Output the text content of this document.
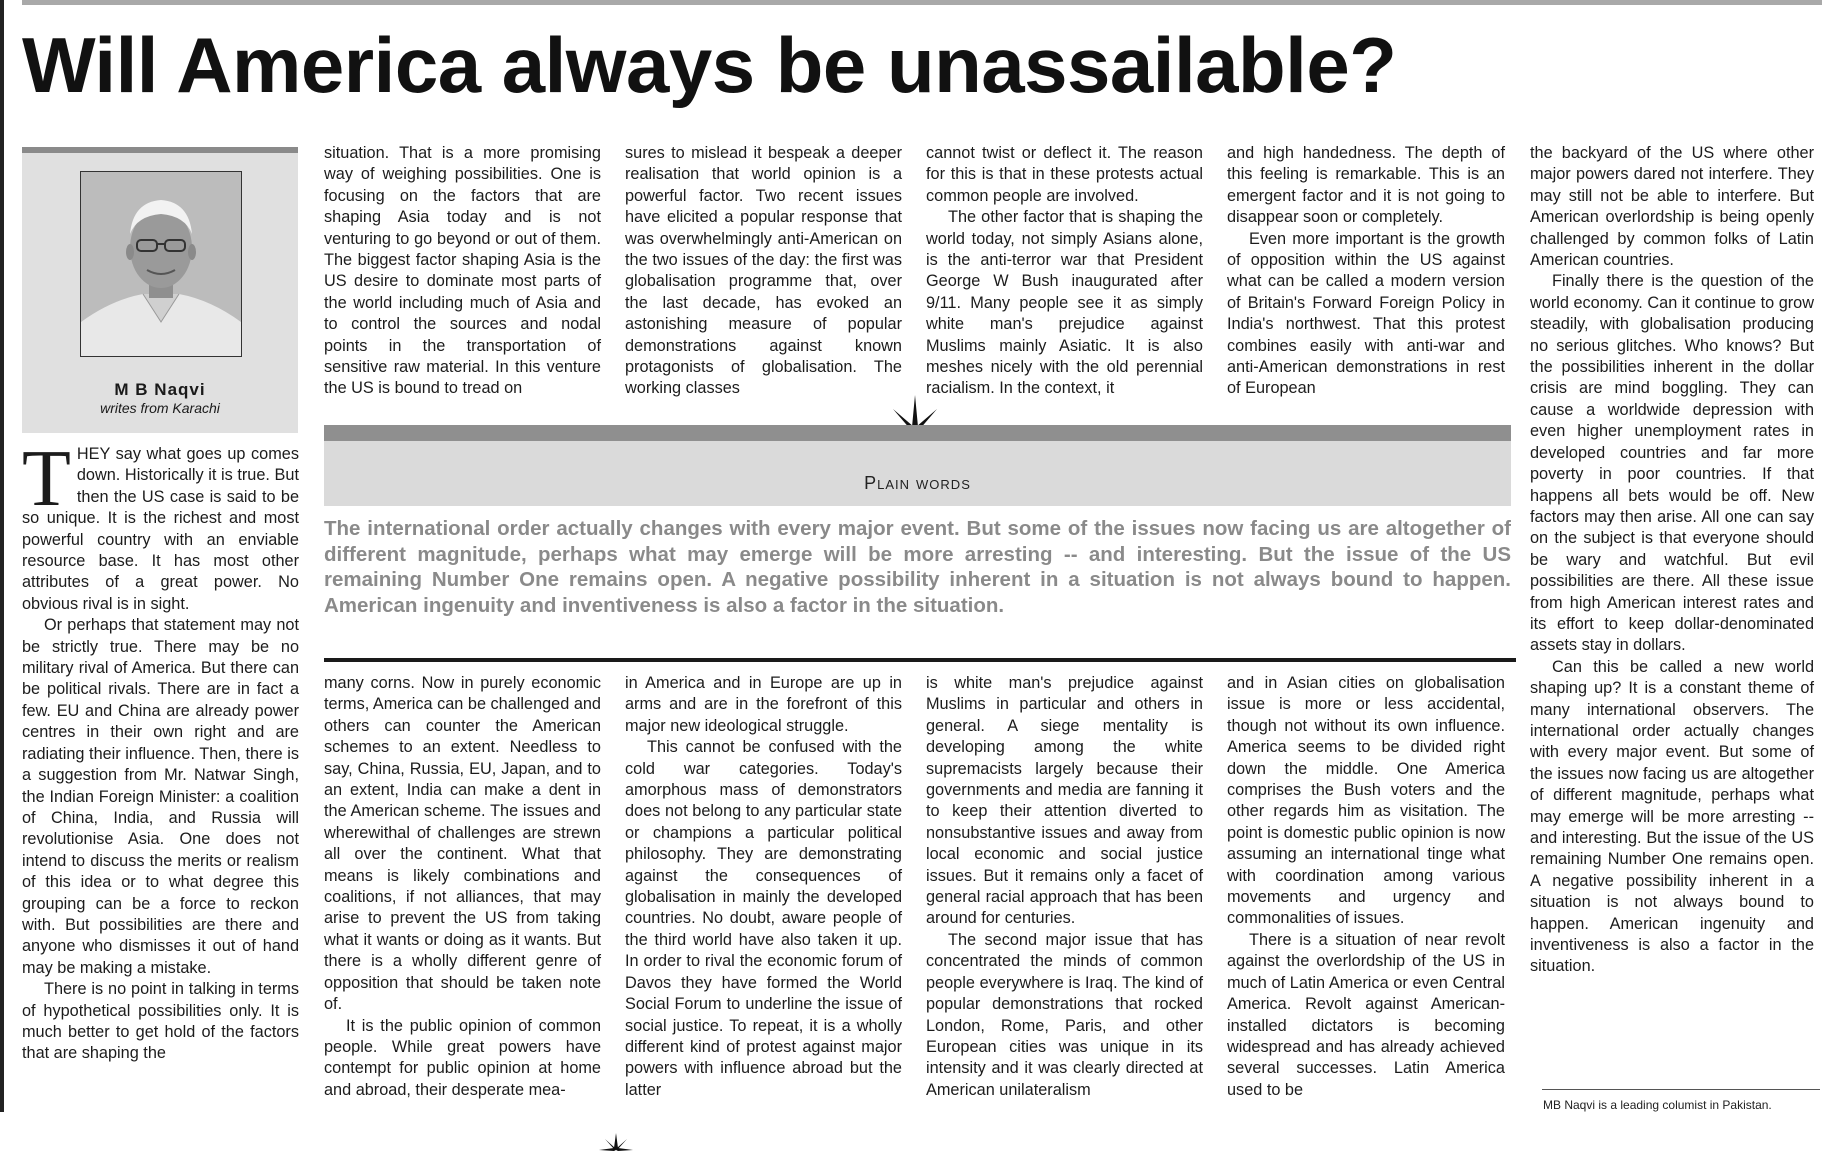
Will America always be unassailable?
M B Naqvi
writes from Karachi

THEY say what goes up comes down. Historically it is true. But then the US case is said to be so unique. It is the richest and most powerful country with an enviable resource base. It has most other attributes of a great power. No obvious rival is in sight.

Or perhaps that statement may not be strictly true. There may be no military rival of America. But there can be political rivals. There are in fact a few. EU and China are already power centres in their own right and are radiating their influence. Then, there is a suggestion from Mr. Natwar Singh, the Indian Foreign Minister: a coalition of China, India, and Russia will revolutionise Asia. One does not intend to discuss the merits or realism of this idea or to what degree this grouping can be a force to reckon with. But possibilities are there and anyone who dismisses it out of hand may be making a mistake.

There is no point in talking in terms of hypothetical possibilities only. It is much better to get hold of the factors that are shaping the

situation. That is a more promising way of weighing possibilities. One is focusing on the factors that are shaping Asia today and is not venturing to go beyond or out of them. The biggest factor shaping Asia is the US desire to dominate most parts of the world including much of Asia and to control the sources and nodal points in the transportation of sensitive raw material. In this venture the US is bound to tread on

sures to mislead it bespeak a deeper realisation that world opinion is a powerful factor. Two recent issues have elicited a popular response that was overwhelmingly anti-American on the two issues of the day: the first was globalisation programme that, over the last decade, has evoked an astonishing measure of popular demonstrations against known protagonists of globalisation. The working classes

cannot twist or deflect it. The reason for this is that in these protests actual common people are involved.

The other factor that is shaping the world today, not simply Asians alone, is the anti-terror war that President George W Bush inaugurated after 9/11. Many people see it as simply white man's prejudice against Muslims mainly Asiatic. It is also meshes nicely with the old perennial racialism. In the context, it

and high handedness. The depth of this feeling is remarkable. This is an emergent factor and it is not going to disappear soon or completely.

Even more important is the growth of opposition within the US against what can be called a modern version of Britain's Forward Foreign Policy in India's northwest. That this protest combines easily with anti-war and anti-American demonstrations in rest of European

Plain words

The international order actually changes with every major event. But some of the issues now facing us are altogether of different magnitude, perhaps what may emerge will be more arresting -- and interesting. But the issue of the US remaining Number One remains open. A negative possibility inherent in a situation is not always bound to happen. American ingenuity and inventiveness is also a factor in the situation.

many corns. Now in purely economic terms, America can be challenged and others can counter the American schemes to an extent. Needless to say, China, Russia, EU, Japan, and to an extent, India can make a dent in the American scheme. The issues and wherewithal of challenges are strewn all over the continent. What that means is likely combinations and coalitions, if not alliances, that may arise to prevent the US from taking what it wants or doing as it wants. But there is a wholly different genre of opposition that should be taken note of.

It is the public opinion of common people. While great powers have contempt for public opinion at home and abroad, their desperate mea-

in America and in Europe are up in arms and are in the forefront of this major new ideological struggle.

This cannot be confused with the cold war categories. Today's amorphous mass of demonstrators does not belong to any particular state or champions a particular political philosophy. They are demonstrating against the consequences of globalisation in mainly the developed countries. No doubt, aware people of the third world have also taken it up. In order to rival the economic forum of Davos they have formed the World Social Forum to underline the issue of social justice. To repeat, it is a wholly different kind of protest against major powers with influence abroad but the latter

is white man's prejudice against Muslims in particular and others in general. A siege mentality is developing among the white supremacists largely because their governments and media are fanning it to keep their attention diverted to nonsubstantive issues and away from local economic and social justice issues. But it remains only a facet of general racial approach that has been around for centuries.

The second major issue that has concentrated the minds of common people everywhere is Iraq. The kind of popular demonstrations that rocked London, Rome, Paris, and other European cities was unique in its intensity and it was clearly directed at American unilateralism

and in Asian cities on globalisation issue is more or less accidental, though not without its own influence. America seems to be divided right down the middle. One America comprises the Bush voters and the other regards him as visitation. The point is domestic public opinion is now assuming an international tinge what with coordination among various movements and urgency and commonalities of issues.

There is a situation of near revolt against the overlordship of the US in much of Latin America or even Central America. Revolt against American-installed dictators is becoming widespread and has already achieved several successes. Latin America used to be

the backyard of the US where other major powers dared not interfere. They may still not be able to interfere. But American overlordship is being openly challenged by common folks of Latin American countries.

Finally there is the question of the world economy. Can it continue to grow steadily, with globalisation producing no serious glitches. Who knows? But the possibilities inherent in the dollar crisis are mind boggling. They can cause a worldwide depression with even higher unemployment rates in developed countries and far more poverty in poor countries. If that happens all bets would be off. New factors may then arise. All one can say on the subject is that everyone should be wary and watchful. But evil possibilities are there. All these issue from high American interest rates and its effort to keep dollar-denominated assets stay in dollars.

Can this be called a new world shaping up? It is a constant theme of many international observers. The international order actually changes with every major event. But some of the issues now facing us are altogether of different magnitude, perhaps what may emerge will be more arresting -- and interesting. But the issue of the US remaining Number One remains open. A negative possibility inherent in a situation is not always bound to happen. American ingenuity and inventiveness is also a factor in the situation.

MB Naqvi is a leading columist in Pakistan.
